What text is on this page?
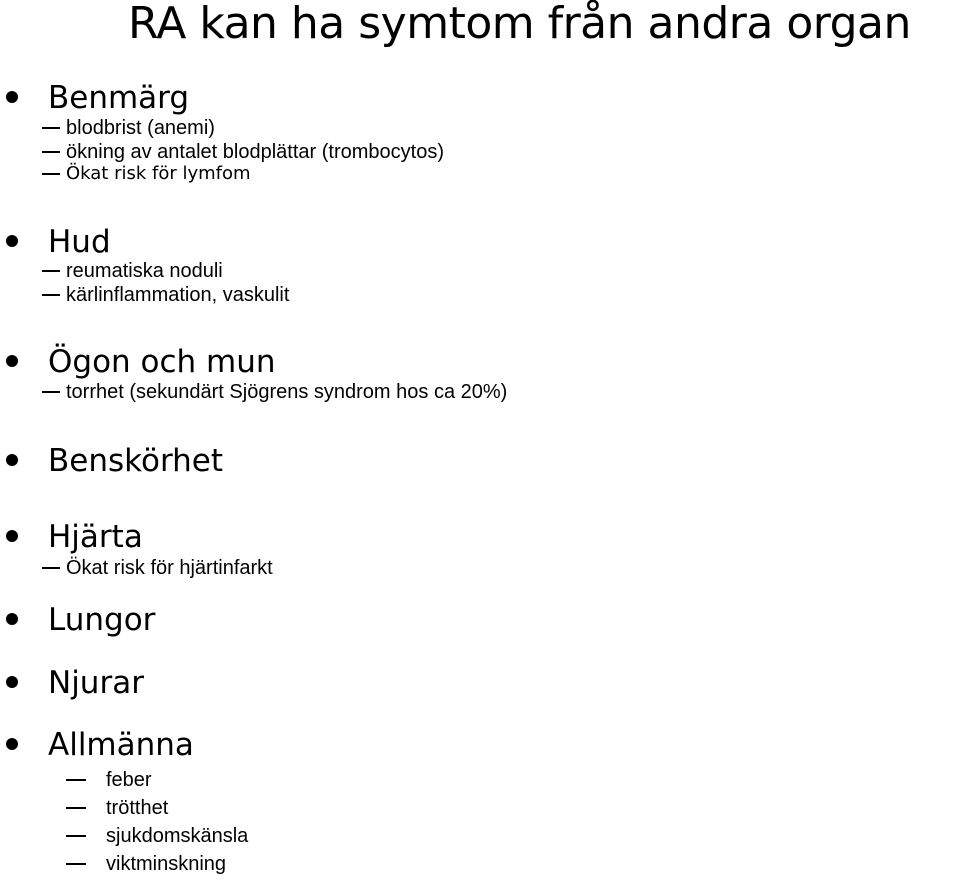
RA kan ha symtom från andra organ
Benmärg
blodbrist (anemi)
ökning av antalet blodplättar (trombocytos)
Ökat risk för lymfom
Hud
reumatiska noduli
kärlinflammation, vaskulit
Ögon och mun
torrhet (sekundärt Sjögrens syndrom hos ca 20%)
Benskörhet
Hjärta
Ökat risk för hjärtinfarkt
Lungor
Njurar
Allmänna
feber
trötthet
sjukdomskänsla
viktminskning
